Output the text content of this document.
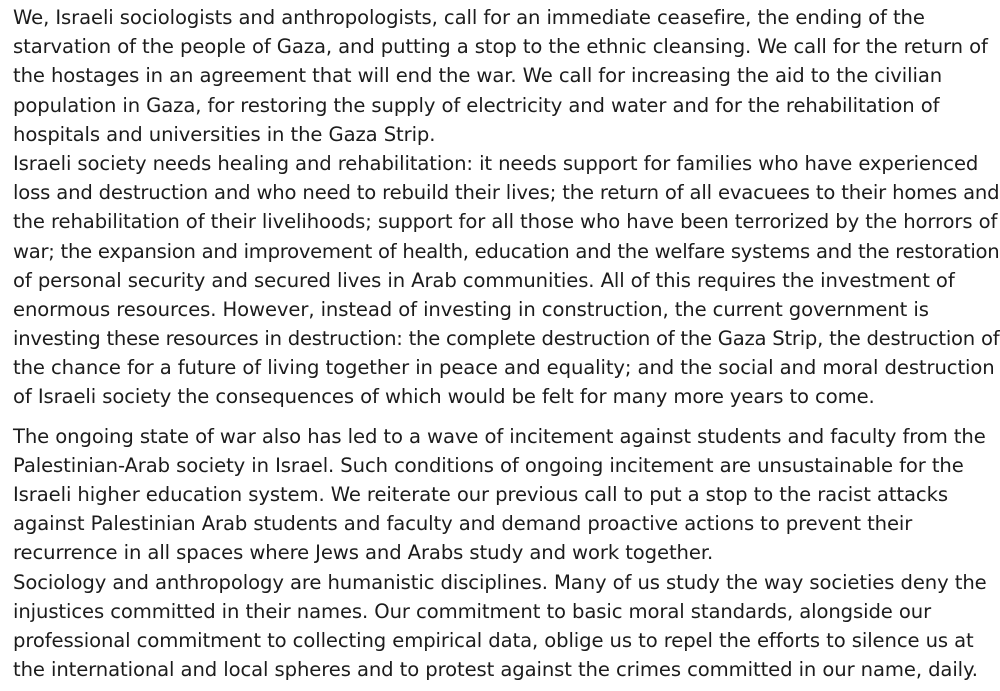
We, Israeli sociologists and anthropologists, call for an immediate ceasefire, the ending of the
starvation of the people of Gaza, and putting a stop to the ethnic cleansing. We call for the return of
the hostages in an agreement that will end the war. We call for increasing the aid to the civilian
population in Gaza, for restoring the supply of electricity and water and for the rehabilitation of
hospitals and universities in the Gaza Strip.
Israeli society needs healing and rehabilitation: it needs support for families who have experienced
loss and destruction and who need to rebuild their lives; the return of all evacuees to their homes and
the rehabilitation of their livelihoods; support for all those who have been terrorized by the horrors of
war; the expansion and improvement of health, education and the welfare systems and the restoration
of personal security and secured lives in Arab communities. All of this requires the investment of
enormous resources. However, instead of investing in construction, the current government is
investing these resources in destruction: the complete destruction of the Gaza Strip, the destruction of
the chance for a future of living together in peace and equality; and the social and moral destruction
of Israeli society the consequences of which would be felt for many more years to come.
The ongoing state of war also has led to a wave of incitement against students and faculty from the
Palestinian-Arab society in Israel. Such conditions of ongoing incitement are unsustainable for the
Israeli higher education system. We reiterate our previous call to put a stop to the racist attacks
against Palestinian Arab students and faculty and demand proactive actions to prevent their
recurrence in all spaces where Jews and Arabs study and work together.
Sociology and anthropology are humanistic disciplines. Many of us study the way societies deny the
injustices committed in their names. Our commitment to basic moral standards, alongside our
professional commitment to collecting empirical data, oblige us to repel the efforts to silence us at
the international and local spheres and to protest against the crimes committed in our name, daily.
